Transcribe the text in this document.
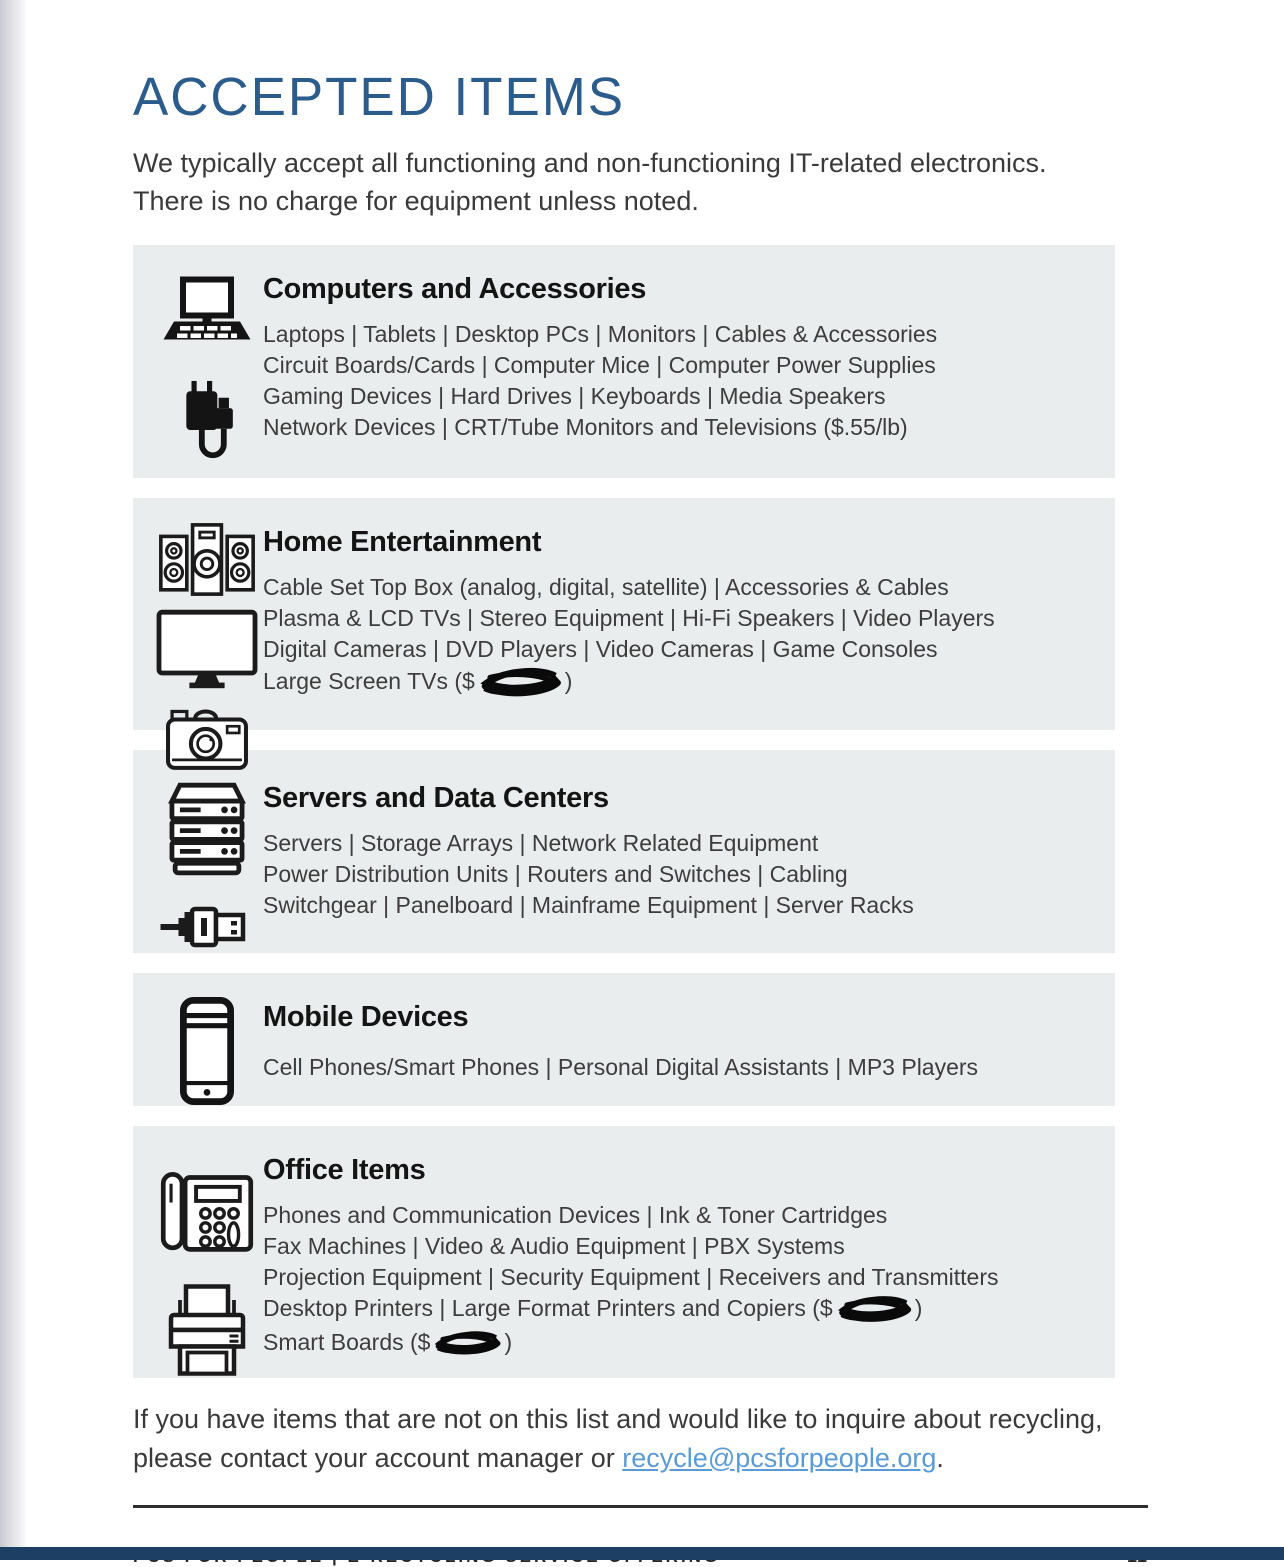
ACCEPTED ITEMS

We typically accept all functioning and non-functioning IT-related electronics. There is no charge for equipment unless noted.

Computers and Accessories
Laptops | Tablets | Desktop PCs | Monitors | Cables & Accessories
Circuit Boards/Cards | Computer Mice | Computer Power Supplies
Gaming Devices | Hard Drives | Keyboards | Media Speakers
Network Devices | CRT/Tube Monitors and Televisions ($.55/lb)
Home Entertainment
Cable Set Top Box (analog, digital, satellite) | Accessories & Cables
Plasma & LCD TVs | Stereo Equipment | Hi-Fi Speakers | Video Players
Digital Cameras | DVD Players | Video Cameras | Game Consoles
Large Screen TVs ($	)
Servers and Data Centers
Servers | Storage Arrays | Network Related Equipment
Power Distribution Units | Routers and Switches | Cabling
Switchgear | Panelboard | Mainframe Equipment | Server Racks
Mobile Devices
Cell Phones/Smart Phones | Personal Digital Assistants | MP3 Players
Office Items
Phones and Communication Devices | Ink & Toner Cartridges
Fax Machines | Video & Audio Equipment | PBX Systems
Projection Equipment | Security Equipment | Receivers and Transmitters
Desktop Printers | Large Format Printers and Copiers ($	)
Smart Boards ($	)

If you have items that are not on this list and would like to inquire about recycling, please contact your account manager or recycle@pcsforpeople.org.
